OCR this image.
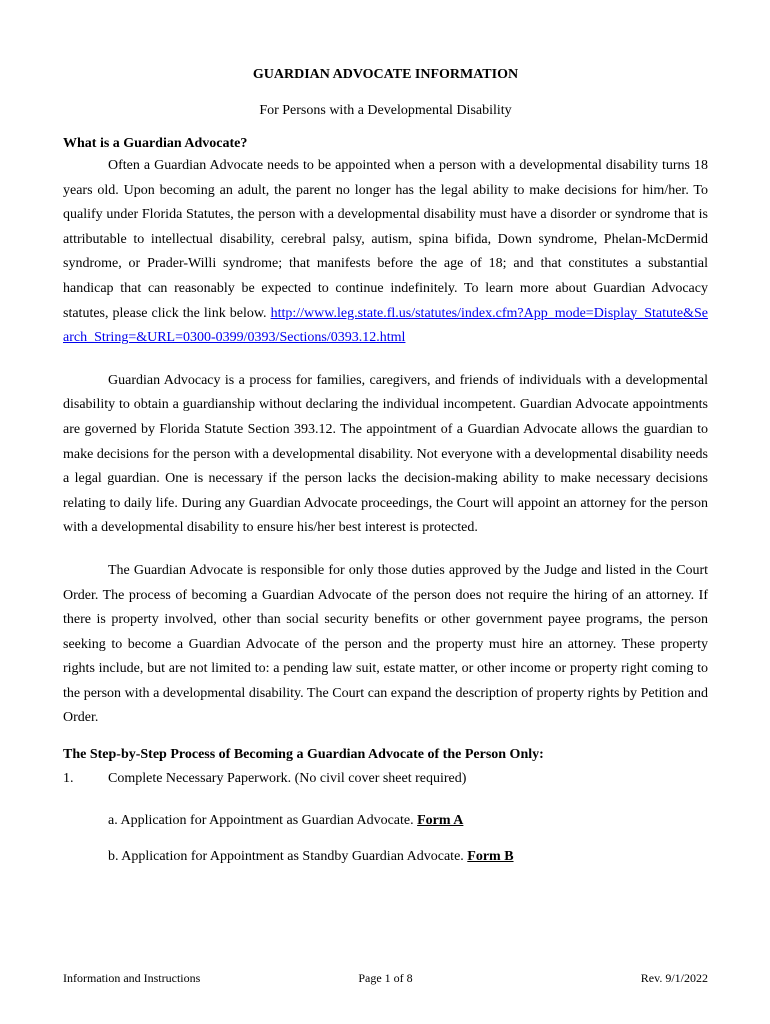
GUARDIAN ADVOCATE INFORMATION

For Persons with a Developmental Disability

What is a Guardian Advocate?

Often a Guardian Advocate needs to be appointed when a person with a developmental disability turns 18 years old. Upon becoming an adult, the parent no longer has the legal ability to make decisions for him/her. To qualify under Florida Statutes, the person with a developmental disability must have a disorder or syndrome that is attributable to intellectual disability, cerebral palsy, autism, spina bifida, Down syndrome, Phelan-McDermid syndrome, or Prader-Willi syndrome; that manifests before the age of 18; and that constitutes a substantial handicap that can reasonably be expected to continue indefinitely. To learn more about Guardian Advocacy statutes, please click the link below. http://www.leg.state.fl.us/statutes/index.cfm?App_mode=Display_Statute&Search_String=&URL=0300-0399/0393/Sections/0393.12.html

Guardian Advocacy is a process for families, caregivers, and friends of individuals with a developmental disability to obtain a guardianship without declaring the individual incompetent. Guardian Advocate appointments are governed by Florida Statute Section 393.12. The appointment of a Guardian Advocate allows the guardian to make decisions for the person with a developmental disability. Not everyone with a developmental disability needs a legal guardian. One is necessary if the person lacks the decision-making ability to make necessary decisions relating to daily life. During any Guardian Advocate proceedings, the Court will appoint an attorney for the person with a developmental disability to ensure his/her best interest is protected.

The Guardian Advocate is responsible for only those duties approved by the Judge and listed in the Court Order. The process of becoming a Guardian Advocate of the person does not require the hiring of an attorney. If there is property involved, other than social security benefits or other government payee programs, the person seeking to become a Guardian Advocate of the person and the property must hire an attorney. These property rights include, but are not limited to: a pending law suit, estate matter, or other income or property right coming to the person with a developmental disability. The Court can expand the description of property rights by Petition and Order.

The Step-by-Step Process of Becoming a Guardian Advocate of the Person Only:

1.	Complete Necessary Paperwork. (No civil cover sheet required)
a. Application for Appointment as Guardian Advocate. Form A
b. Application for Appointment as Standby Guardian Advocate. Form B
Page 1 of 8
Information and Instructions	Rev. 9/1/2022
